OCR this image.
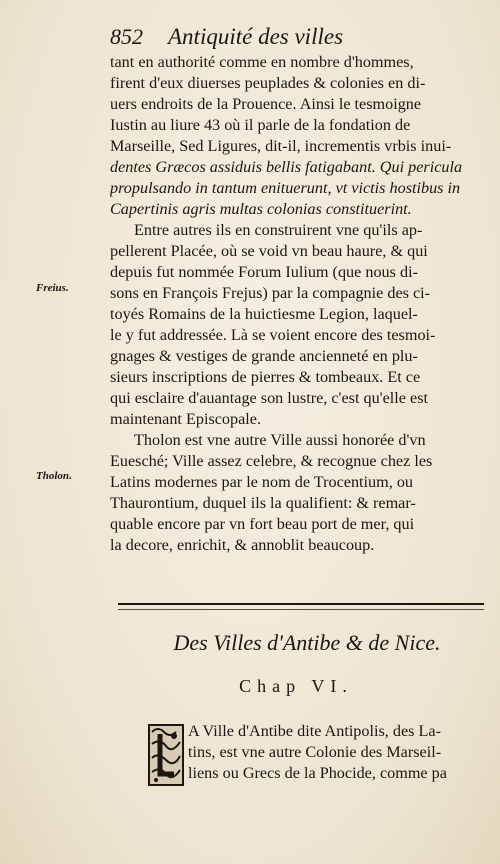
852 Antiquité des villes
Freius.
Tholon.
tant en authorité comme en nombre d'hommes,
firent d'eux diuerses peuplades & colonies en di-
uers endroits de la Prouence. Ainsi le tesmoigne
Iustin au liure 43 où il parle de la fondation de
Marseille, Sed Ligures, dit-il, incrementis vrbis inui-
dentes Græcos assiduis bellis fatigabant. Qui pericula
propulsando in tantum enituerunt, vt victis hostibus in
Capertinis agris multas colonias constituerint.
Entre autres ils en construirent vne qu'ils ap-
pellerent Placée, où se void vn beau haure, & qui
depuis fut nommée Forum Iulium (que nous di-
sons en François Frejus) par la compagnie des ci-
toyés Romains de la huictiesme Legion, laquel-
le y fut addressée. Là se voient encore des tesmoi-
gnages & vestiges de grande ancienneté en plu-
sieurs inscriptions de pierres & tombeaux. Et ce
qui esclaire d'auantage son lustre, c'est qu'elle est
maintenant Episcopale.
Tholon est vne autre Ville aussi honorée d'vn
Euesché; Ville assez celebre, & recognue chez les
Latins modernes par le nom de Trocentium, ou
Thaurontium, duquel ils la qualifient: & remar-
quable encore par vn fort beau port de mer, qui
la decore, enrichit, & annoblit beaucoup.
Des Villes d'Antibe & de Nice.
Chap VI.
A Ville d'Antibe dite Antipolis, des La-
tins, est vne autre Colonie des Marseil-
liens ou Grecs de la Phocide, comme pa
